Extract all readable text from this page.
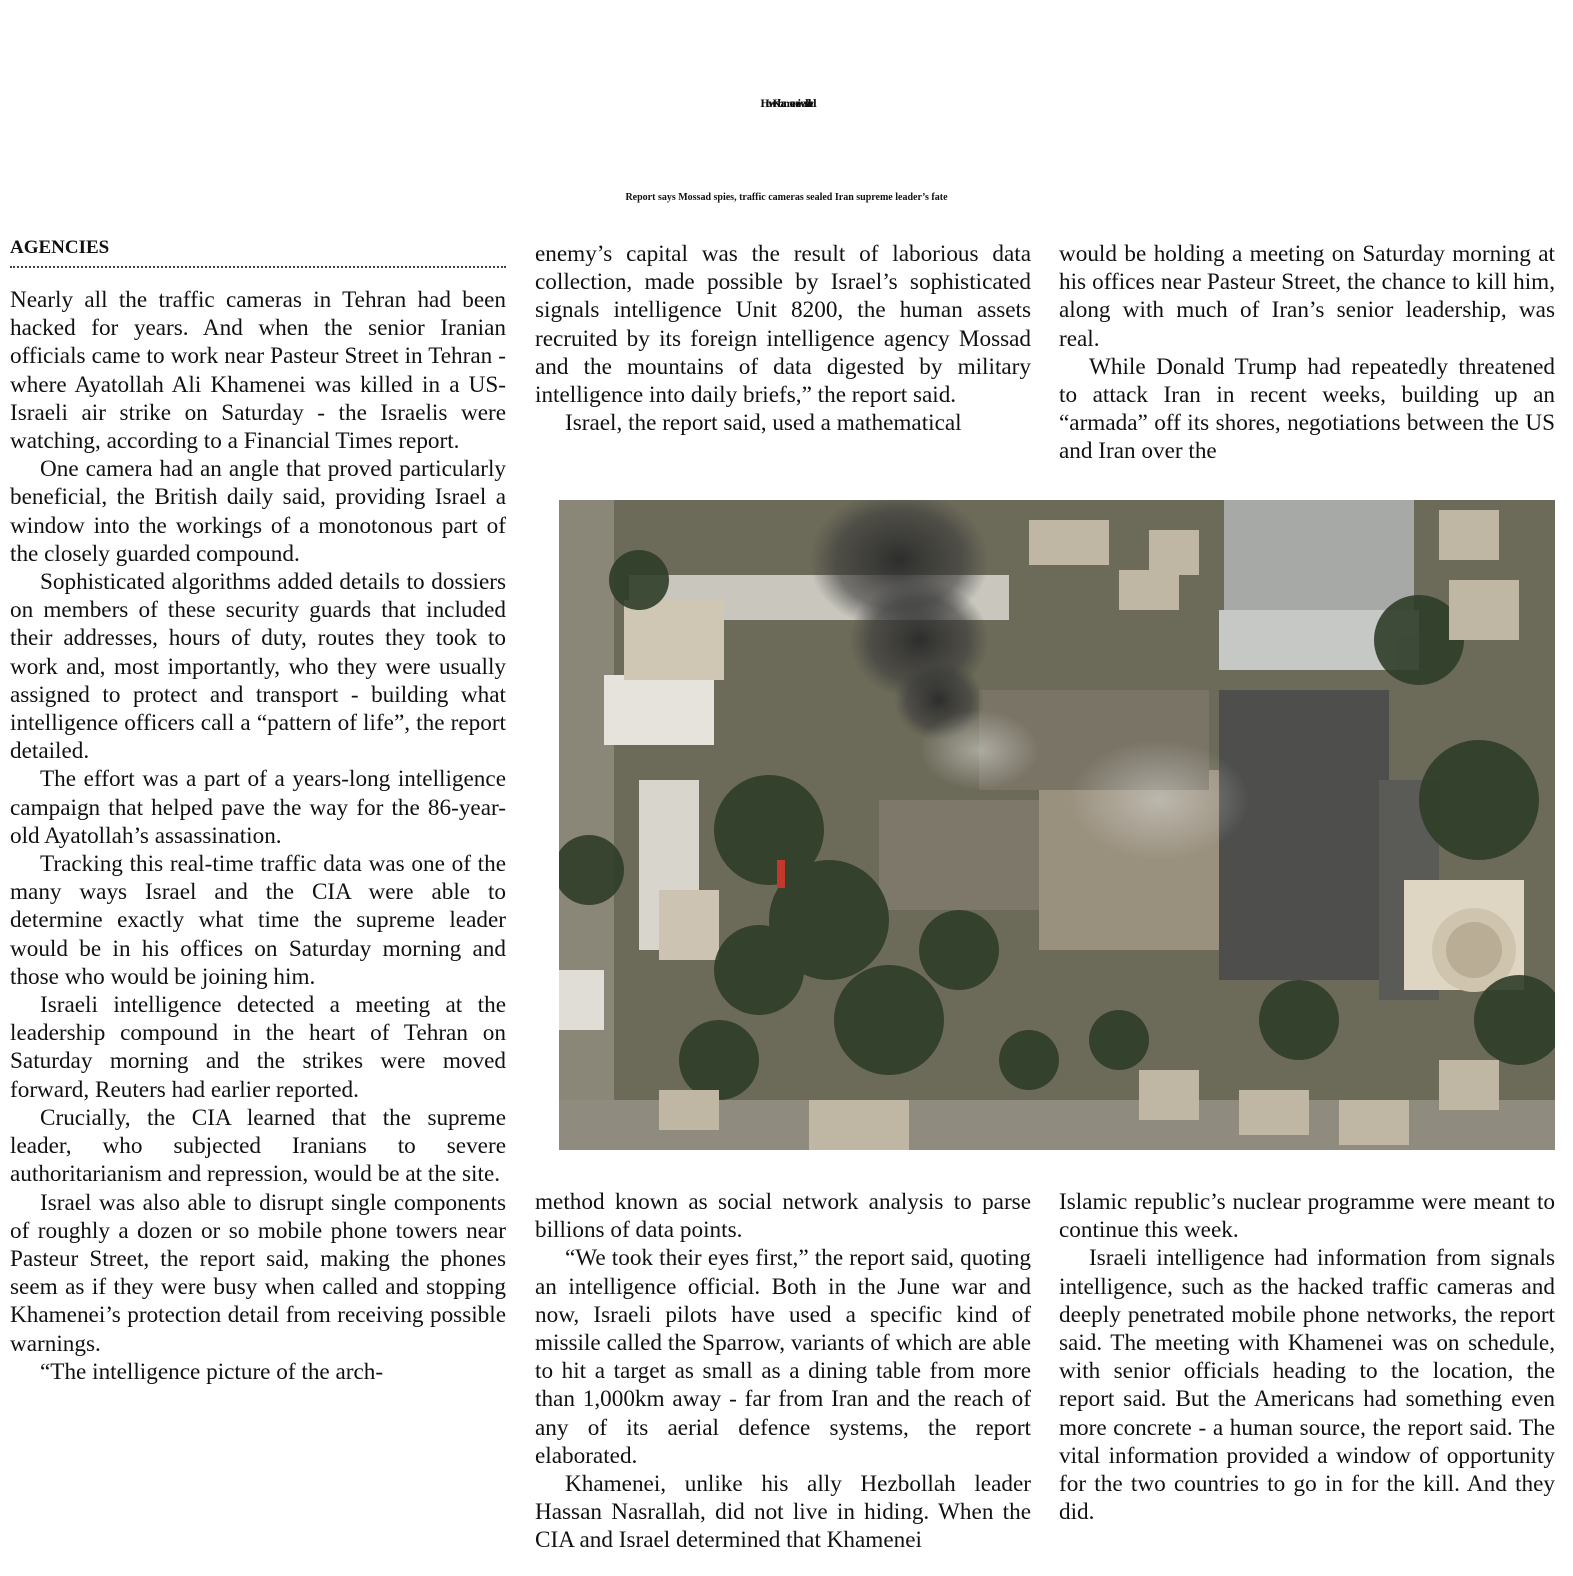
How Khamenei was killed
Report says Mossad spies, traffic cameras sealed Iran supreme leader’s fate
AGENCIES

Nearly all the traffic cameras in Tehran had been hacked for years. And when the senior Iranian officials came to work near Pasteur Street in Tehran - where Ayatollah Ali Khamenei was killed in a US-Israeli air strike on Saturday - the Israelis were watching, according to a Financial Times report.

One camera had an angle that proved particularly beneficial, the British daily said, providing Israel a window into the workings of a monotonous part of the closely guarded compound.

Sophisticated algorithms added details to dossiers on members of these security guards that included their addresses, hours of duty, routes they took to work and, most importantly, who they were usually assigned to protect and transport - building what intelligence officers call a “pattern of life”, the report detailed.

The effort was a part of a years-long intelligence campaign that helped pave the way for the 86-year-old Ayatollah’s assassination.

Tracking this real-time traffic data was one of the many ways Israel and the CIA were able to determine exactly what time the supreme leader would be in his offices on Saturday morning and those who would be joining him.

Israeli intelligence detected a meeting at the leadership compound in the heart of Tehran on Saturday morning and the strikes were moved forward, Reuters had earlier reported.

Crucially, the CIA learned that the supreme leader, who subjected Iranians to severe authoritarianism and repression, would be at the site.

Israel was also able to disrupt single components of roughly a dozen or so mobile phone towers near Pasteur Street, the report said, making the phones seem as if they were busy when called and stopping Khamenei’s protection detail from receiving possible warnings.

“The intelligence picture of the arch-

enemy’s capital was the result of laborious data collection, made possible by Israel’s sophisticated signals intelligence Unit 8200, the human assets recruited by its foreign intelligence agency Mossad and the mountains of data digested by military intelligence into daily briefs,” the report said.

Israel, the report said, used a mathematical

would be holding a meeting on Saturday morning at his offices near Pasteur Street, the chance to kill him, along with much of Iran’s senior leadership, was real.

While Donald Trump had repeatedly threatened to attack Iran in recent weeks, building up an “armada” off its shores, negotiations between the US and Iran over the

method known as social network analysis to parse billions of data points.

“We took their eyes first,” the report said, quoting an intelligence official. Both in the June war and now, Israeli pilots have used a specific kind of missile called the Sparrow, variants of which are able to hit a target as small as a dining table from more than 1,000km away - far from Iran and the reach of any of its aerial defence systems, the report elaborated.

Khamenei, unlike his ally Hezbollah leader Hassan Nasrallah, did not live in hiding. When the CIA and Israel determined that Khamenei

Islamic republic’s nuclear programme were meant to continue this week.

Israeli intelligence had information from signals intelligence, such as the hacked traffic cameras and deeply penetrated mobile phone networks, the report said. The meeting with Khamenei was on schedule, with senior officials heading to the location, the report said. But the Americans had something even more concrete - a human source, the report said. The vital information provided a window of opportunity for the two countries to go in for the kill. And they did.
